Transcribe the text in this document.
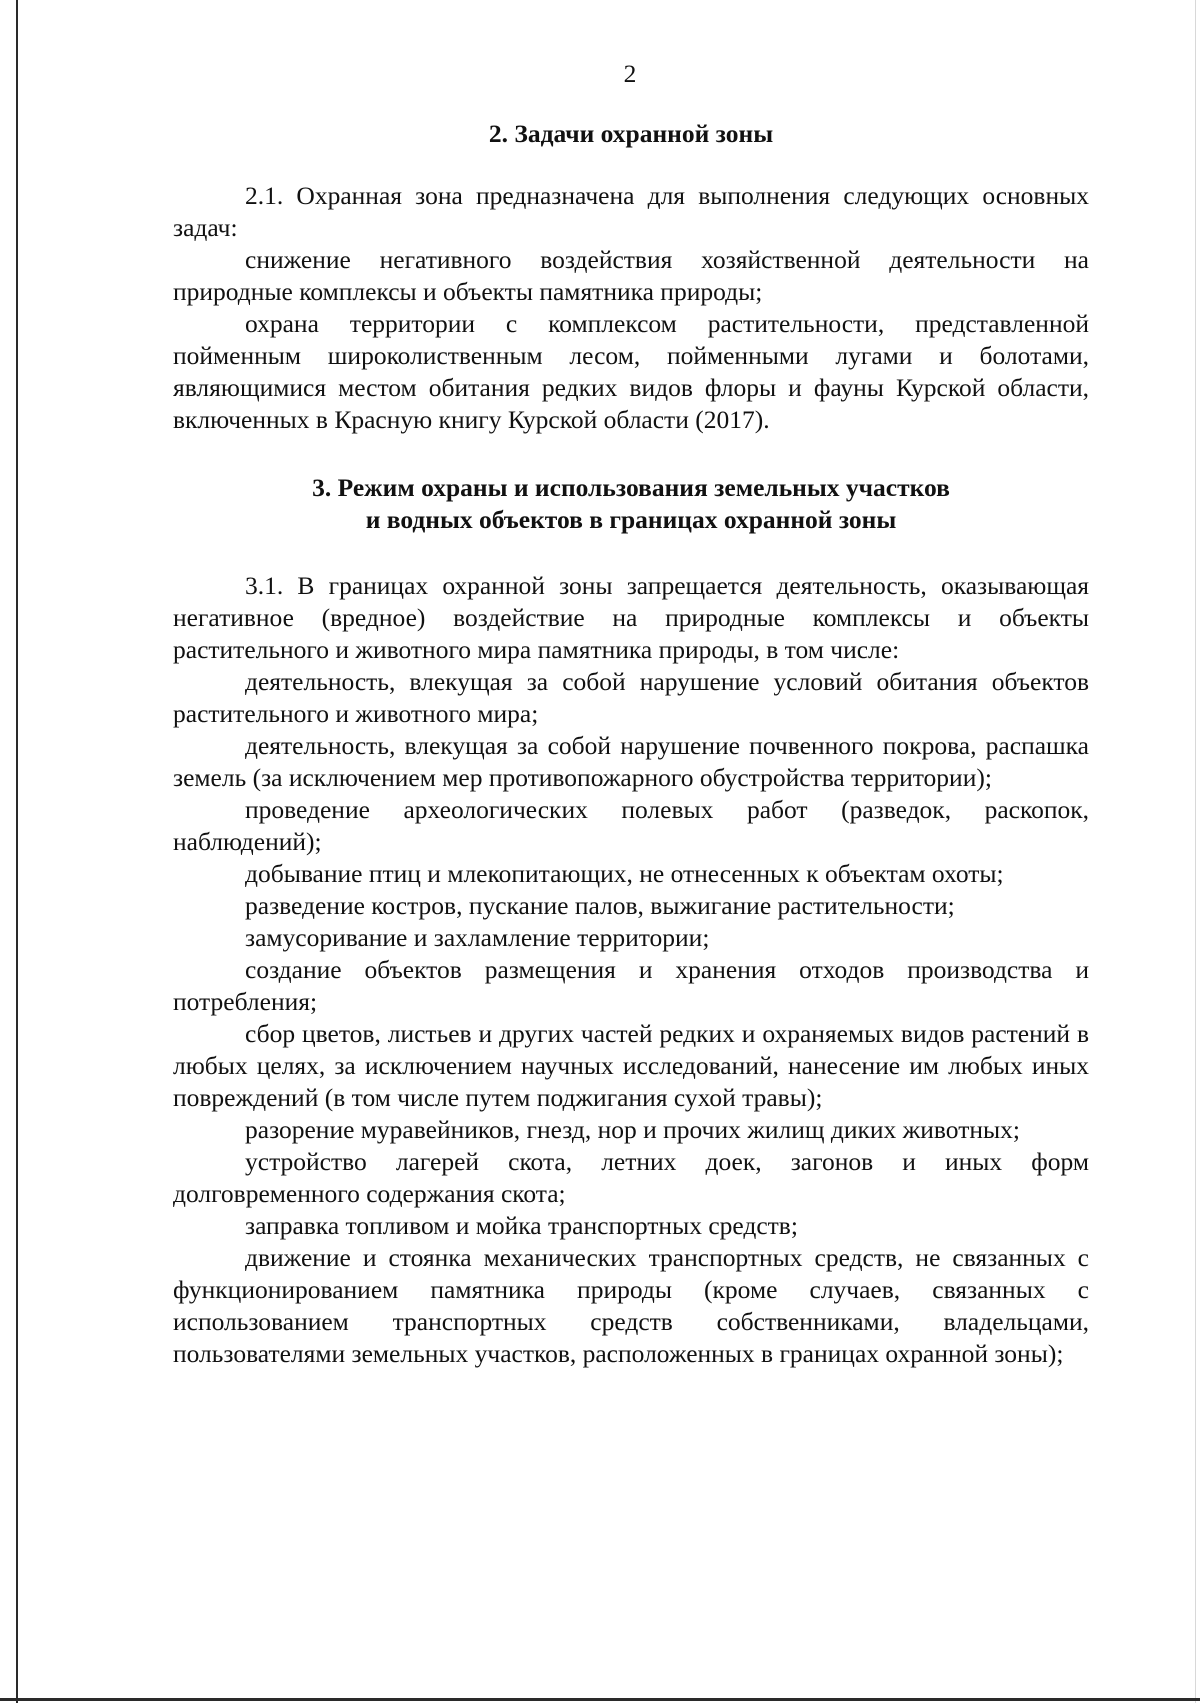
2

2. Задачи охранной зоны

2.1. Охранная зона предназначена для выполнения следующих основных задач:

снижение негативного воздействия хозяйственной деятельности на природные комплексы и объекты памятника природы;

охрана территории с комплексом растительности, представленной пойменным широколиственным лесом, пойменными лугами и болотами, являющимися местом обитания редких видов флоры и фауны Курской области, включенных в Красную книгу Курской области (2017).

3. Режим охраны и использования земельных участков
и водных объектов в границах охранной зоны

3.1. В границах охранной зоны запрещается деятельность, оказывающая негативное (вредное) воздействие на природные комплексы и объекты растительного и животного мира памятника природы, в том числе:

деятельность, влекущая за собой нарушение условий обитания объектов растительного и животного мира;

деятельность, влекущая за собой нарушение почвенного покрова, распашка земель (за исключением мер противопожарного обустройства территории);

проведение археологических полевых работ (разведок, раскопок, наблюдений);

добывание птиц и млекопитающих, не отнесенных к объектам охоты;

разведение костров, пускание палов, выжигание растительности;

замусоривание и захламление территории;

создание объектов размещения и хранения отходов производства и потребления;

сбор цветов, листьев и других частей редких и охраняемых видов растений в любых целях, за исключением научных исследований, нанесение им любых иных повреждений (в том числе путем поджигания сухой травы);

разорение муравейников, гнезд, нор и прочих жилищ диких животных;

устройство лагерей скота, летних доек, загонов и иных форм долговременного содержания скота;

заправка топливом и мойка транспортных средств;

движение и стоянка механических транспортных средств, не связанных с функционированием памятника природы (кроме случаев, связанных с использованием транспортных средств собственниками, владельцами, пользователями земельных участков, расположенных в границах охранной зоны);
